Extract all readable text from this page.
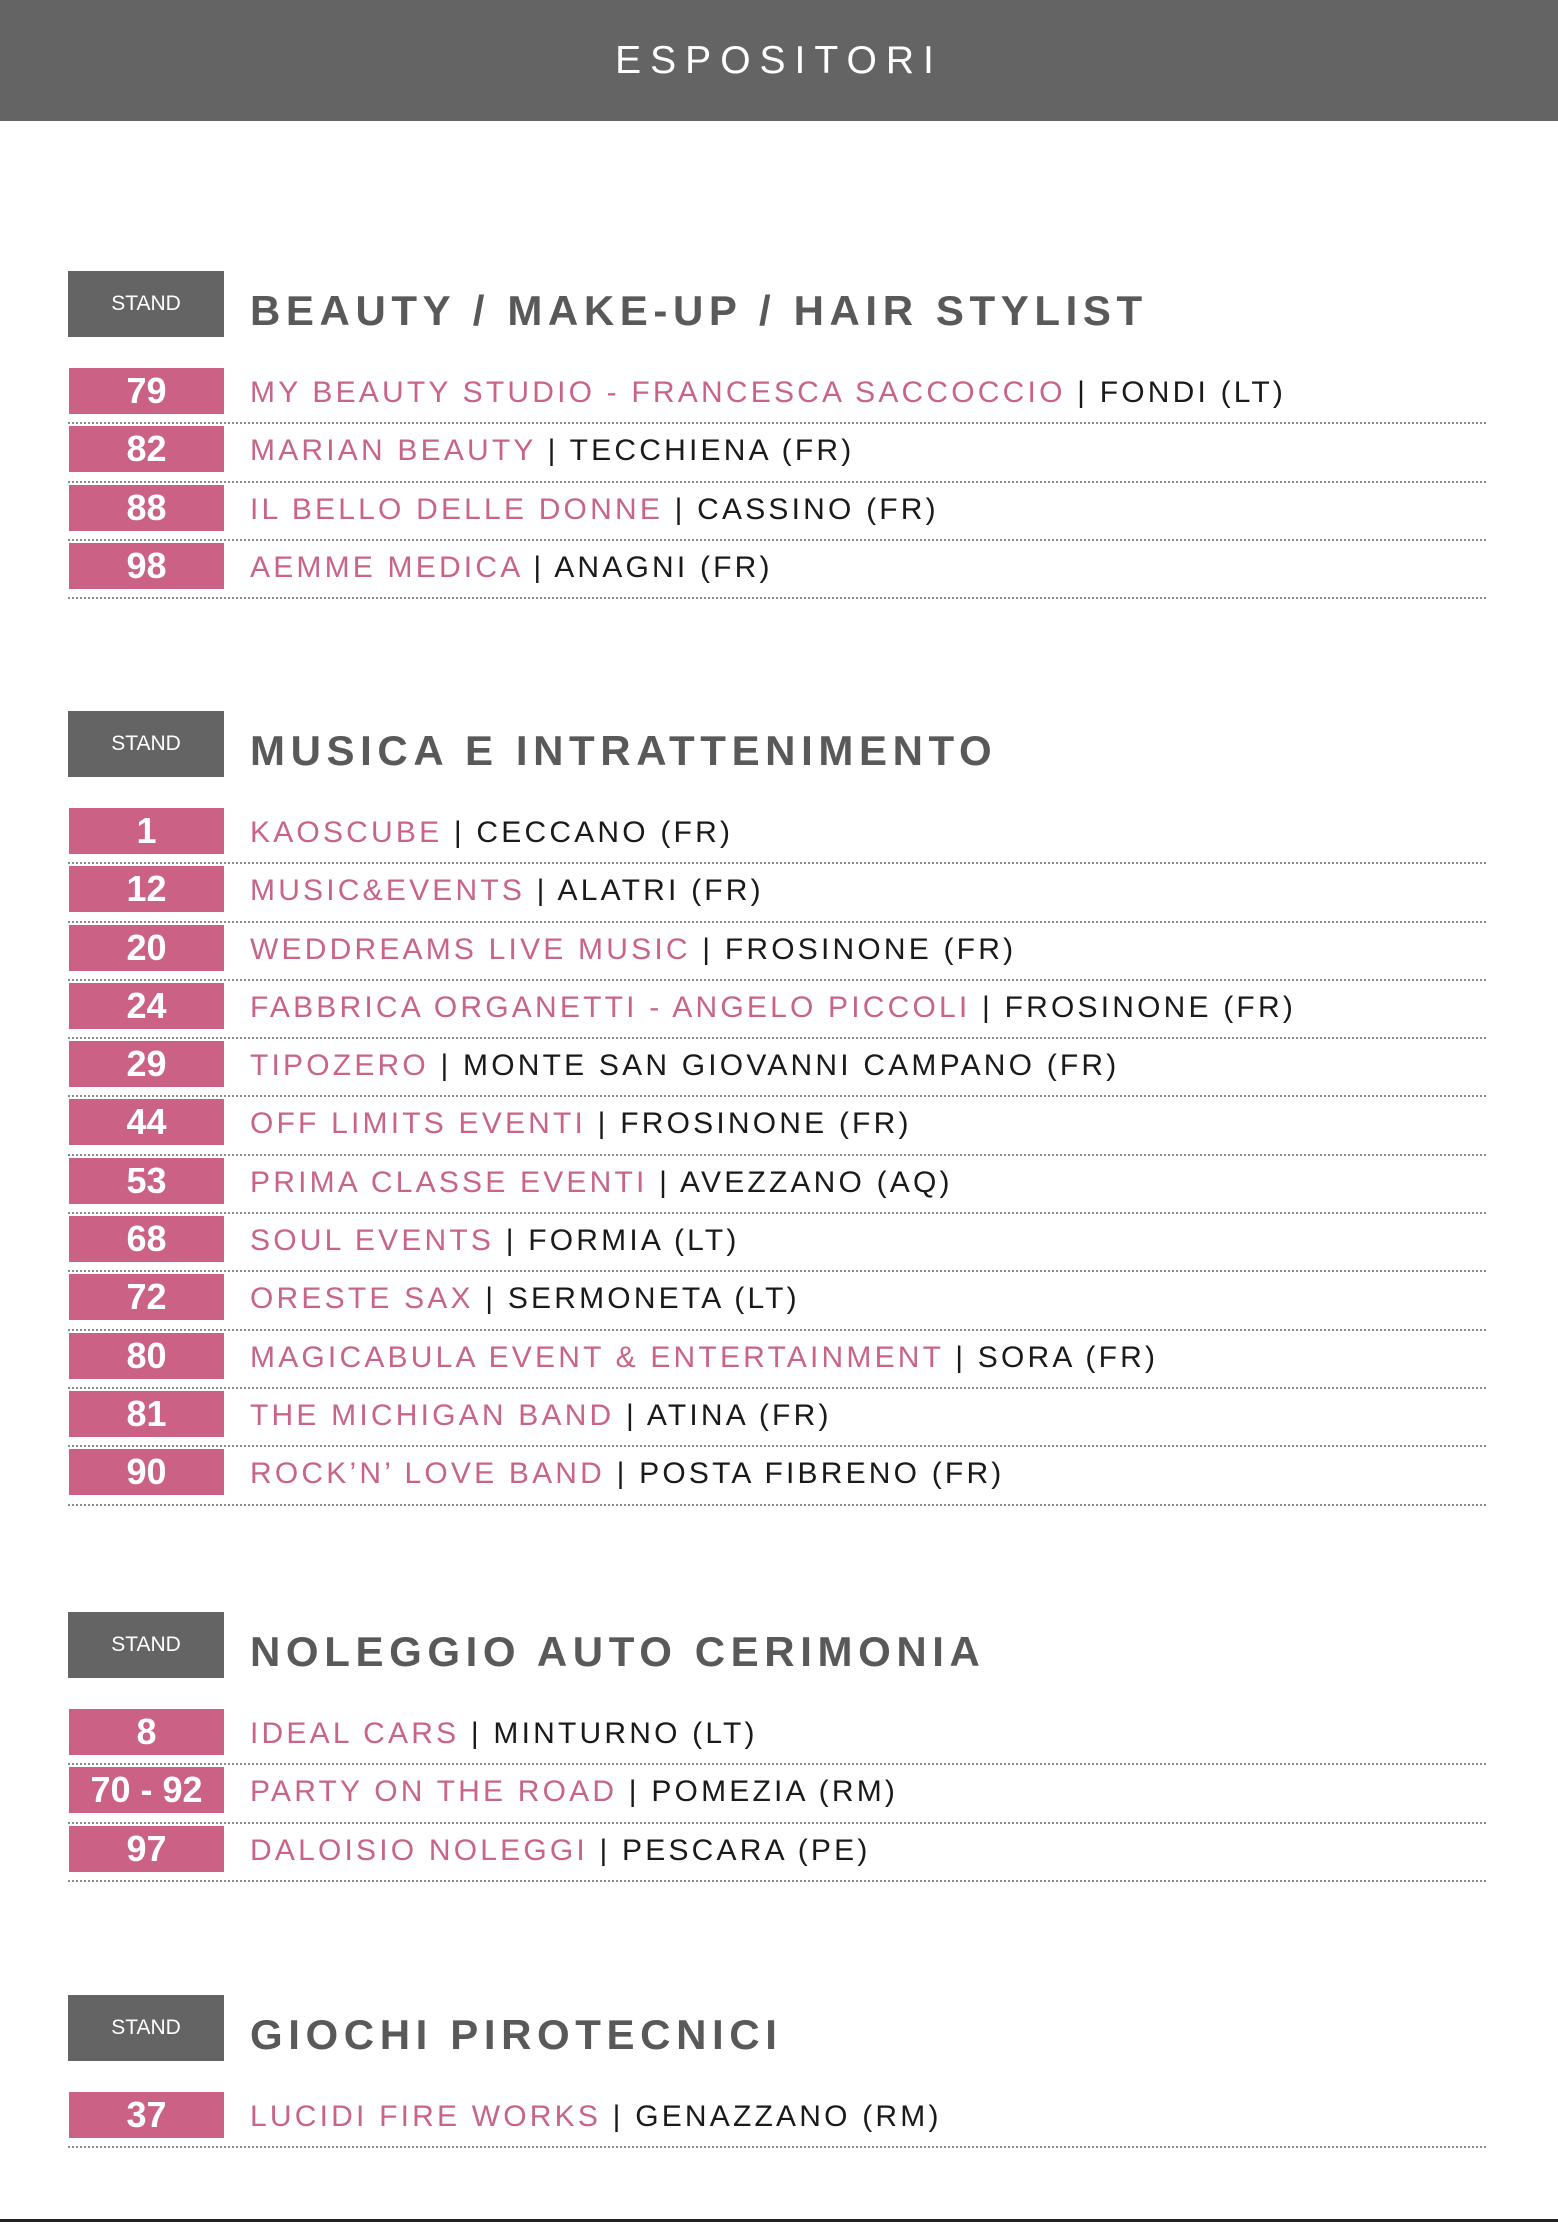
ESPOSITORI
STAND	BEAUTY / MAKE-UP / HAIR STYLIST
79	MY BEAUTY STUDIO - FRANCESCA SACCOCCIO | FONDI (LT)
82	MARIAN BEAUTY | TECCHIENA (FR)
88	IL BELLO DELLE DONNE | CASSINO (FR)
98	AEMME MEDICA | ANAGNI (FR)
STAND	MUSICA E INTRATTENIMENTO
1	KAOSCUBE | CECCANO (FR)
12	MUSIC&EVENTS | ALATRI (FR)
20	WEDDREAMS LIVE MUSIC | FROSINONE (FR)
24	FABBRICA ORGANETTI - ANGELO PICCOLI | FROSINONE (FR)
29	TIPOZERO | MONTE SAN GIOVANNI CAMPANO (FR)
44	OFF LIMITS EVENTI | FROSINONE (FR)
53	PRIMA CLASSE EVENTI | AVEZZANO (AQ)
68	SOUL EVENTS | FORMIA (LT)
72	ORESTE SAX | SERMONETA (LT)
80	MAGICABULA EVENT & ENTERTAINMENT | SORA (FR)
81	THE MICHIGAN BAND | ATINA (FR)
90	ROCK’N’ LOVE BAND | POSTA FIBRENO (FR)
STAND	NOLEGGIO AUTO CERIMONIA
8	IDEAL CARS | MINTURNO (LT)
70 - 92	PARTY ON THE ROAD | POMEZIA (RM)
97	DALOISIO NOLEGGI | PESCARA (PE)
STAND	GIOCHI PIROTECNICI
37	LUCIDI FIRE WORKS | GENAZZANO (RM)
